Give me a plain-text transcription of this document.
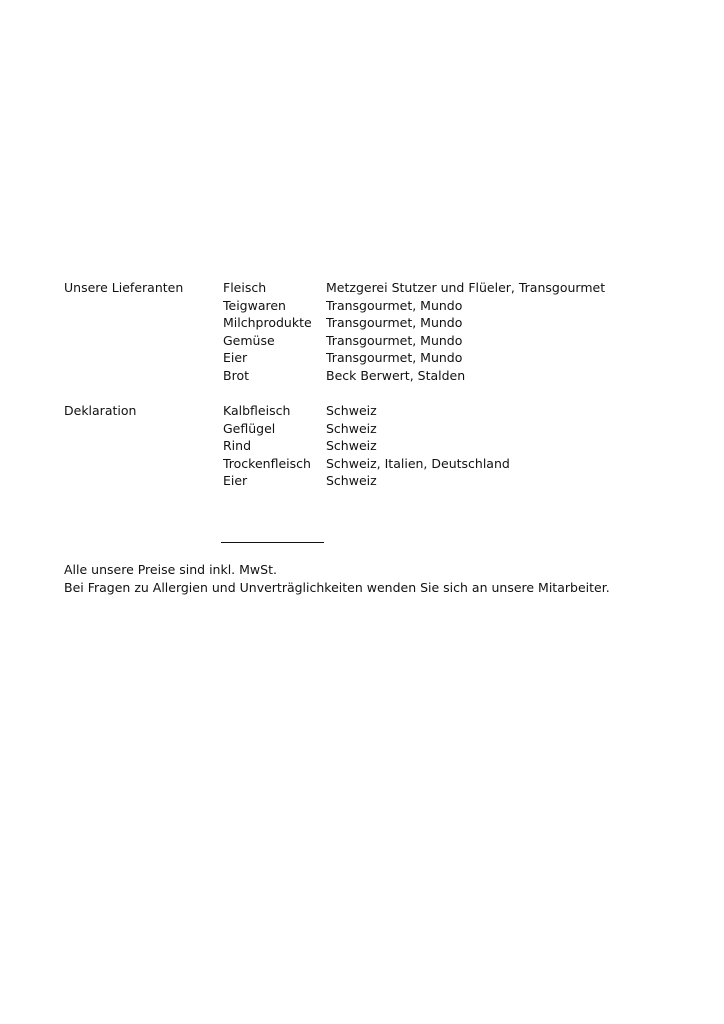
Unsere Lieferanten	Fleisch	Metzgerei Stutzer und Flüeler, Transgourmet
Teigwaren	Transgourmet, Mundo
Milchprodukte Transgourmet, Mundo
Gemüse	Transgourmet, Mundo
Eier	Transgourmet, Mundo
Brot	Beck Berwert, Stalden
Deklaration	Kalbfleisch	Schweiz
Geflügel	Schweiz
Rind	Schweiz
Trockenfleisch Schweiz, Italien, Deutschland
Eier	Schweiz
Alle unsere Preise sind inkl. MwSt.
Bei Fragen zu Allergien und Unverträglichkeiten wenden Sie sich an unsere Mitarbeiter.
